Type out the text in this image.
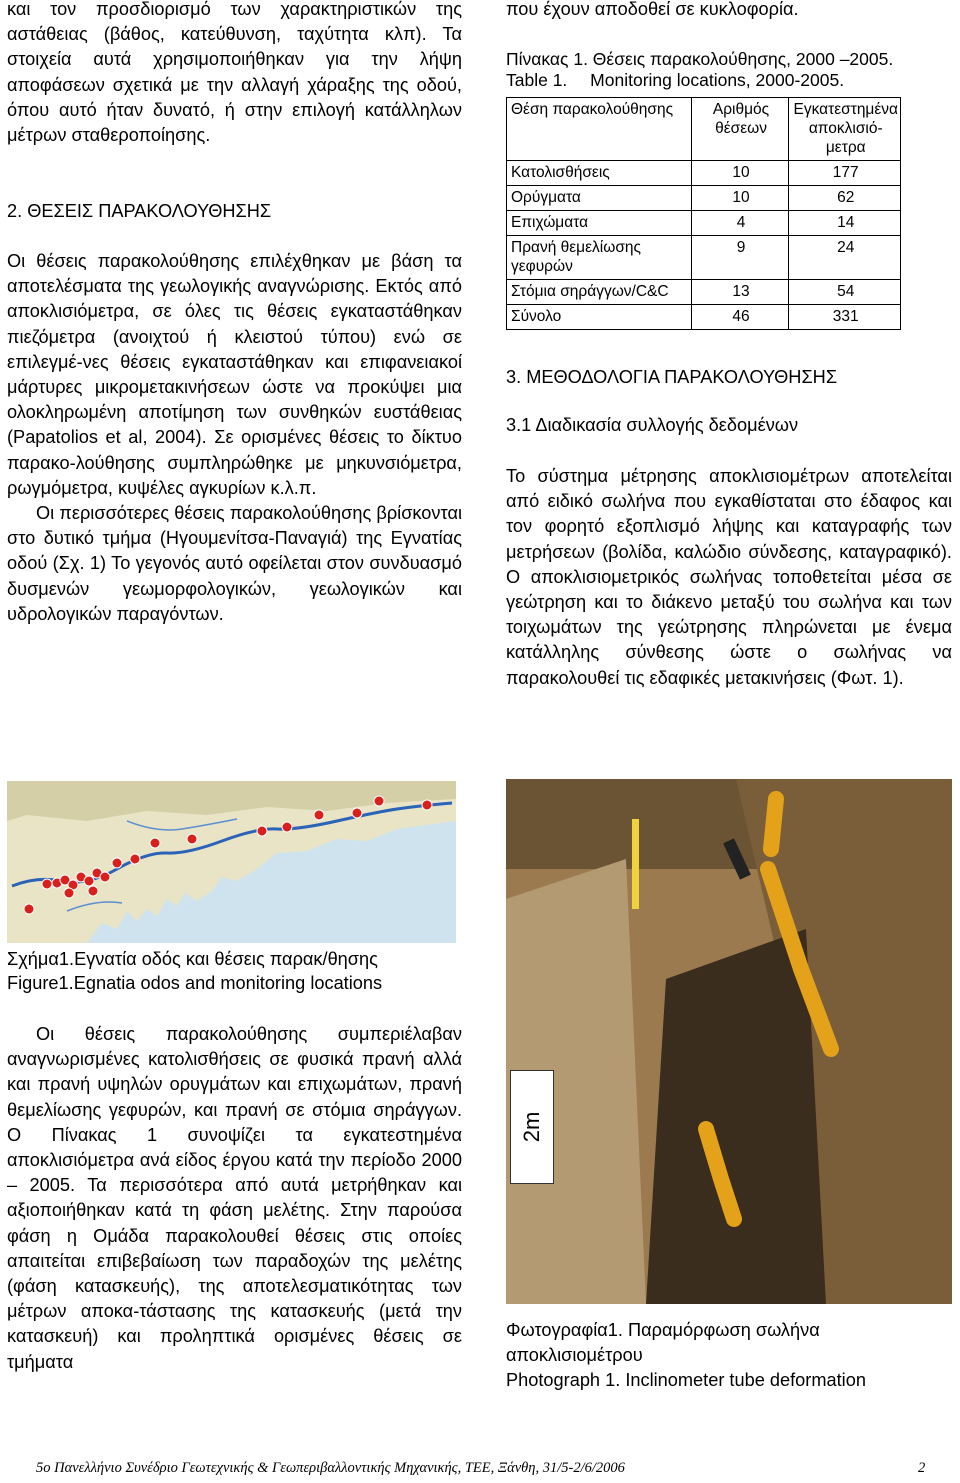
και τον προσδιορισμό των χαρακτηριστικών της αστάθειας (βάθος, κατεύθυνση, ταχύτητα κλπ). Τα στοιχεία αυτά χρησιμοποιήθηκαν για την λήψη αποφάσεων σχετικά με την αλλαγή χάραξης της οδού, όπου αυτό ήταν δυνατό, ή στην επιλογή κατάλληλων μέτρων σταθεροποίησης.

2. ΘΕΣΕΙΣ ΠΑΡΑΚΟΛΟΥΘΗΣΗΣ

Οι θέσεις παρακολούθησης επιλέχθηκαν με βάση τα αποτελέσματα της γεωλογικής αναγνώρισης. Εκτός από αποκλισιόμετρα, σε όλες τις θέσεις εγκαταστάθηκαν πιεζόμετρα (ανοιχτού ή κλειστού τύπου) ενώ σε επιλεγμέ-νες θέσεις εγκαταστάθηκαν και επιφανειακοί μάρτυρες μικρομετακινήσεων ώστε να προκύψει μια ολοκληρωμένη αποτίμηση των συνθηκών ευστάθειας (Papatolios et al, 2004). Σε ορισμένες θέσεις το δίκτυο παρακο-λούθησης συμπληρώθηκε με μηκυνσιόμετρα, ρωγμόμετρα, κυψέλες αγκυρίων κ.λ.π.

Οι περισσότερες θέσεις παρακολούθησης βρίσκονται στο δυτικό τμήμα (Ηγουμενίτσα-Παναγιά) της Εγνατίας οδού (Σχ. 1) Το γεγονός αυτό οφείλεται στον συνδυασμό δυσμενών γεωμορφολογικών, γεωλογικών και υδρολογικών παραγόντων.

Σχήμα1.Εγνατία οδός και θέσεις παρακ/θησης
Figure1.Egnatia odos and monitoring locations

Οι θέσεις παρακολούθησης συμπεριέλαβαν αναγνωρισμένες κατολισθήσεις σε φυσικά πρανή αλλά και πρανή υψηλών ορυγμάτων και επιχωμάτων, πρανή θεμελίωσης γεφυρών, και πρανή σε στόμια σηράγγων. Ο Πίνακας 1 συνοψίζει τα εγκατεστημένα αποκλισιόμετρα ανά είδος έργου κατά την περίοδο 2000 – 2005. Τα περισσότερα από αυτά μετρήθηκαν και αξιοποιήθηκαν κατά τη φάση μελέτης. Στην παρούσα φάση η Ομάδα παρακολουθεί θέσεις στις οποίες απαιτείται επιβεβαίωση των παραδοχών της μελέτης (φάση κατασκευής), της αποτελεσματικότητας των μέτρων αποκα-τάστασης της κατασκευής (μετά την κατασκευή) και προληπτικά ορισμένες θέσεις σε τμήματα

που έχουν αποδοθεί σε κυκλοφορία.
Πίνακας 1. Θέσεις παρακολούθησης, 2000 –2005.
Table 1. Monitoring locations, 2000-2005.
Θέση παρακολούθησης	Αριθμός θέσεων	Εγκατεστημένα αποκλισιό-μετρα
Κατολισθήσεις	10	177
Ορύγματα	10	62
Επιχώματα	4	14
Πρανή θεμελίωσης γεφυρών	9	24
Στόμια σηράγγων/C&C	13	54
Σύνολο	46	331
3. ΜΕΘΟΔΟΛΟΓΙΑ ΠΑΡΑΚΟΛΟΥΘΗΣΗΣ
3.1 Διαδικασία συλλογής δεδομένων

Το σύστημα μέτρησης αποκλισιομέτρων αποτελείται από ειδικό σωλήνα που εγκαθίσταται στο έδαφος και τον φορητό εξοπλισμό λήψης και καταγραφής των μετρήσεων (βολίδα, καλώδιο σύνδεσης, καταγραφικό). Ο αποκλισιομετρικός σωλήνας τοποθετείται μέσα σε γεώτρηση και το διάκενο μεταξύ του σωλήνα και των τοιχωμάτων της γεώτρησης πληρώνεται με ένεμα κατάλληλης σύνθεσης ώστε ο σωλήνας να παρακολουθεί τις εδαφικές μετακινήσεις (Φωτ. 1).

2m
Φωτογραφία1. Παραμόρφωση σωλήνα
αποκλισιομέτρου
Photograph 1. Inclinometer tube deformation
5ο Πανελλήνιο Συνέδριο Γεωτεχνικής & Γεωπεριβαλλοντικής Μηχανικής, ΤΕΕ, Ξάνθη, 31/5-2/6/2006	2
